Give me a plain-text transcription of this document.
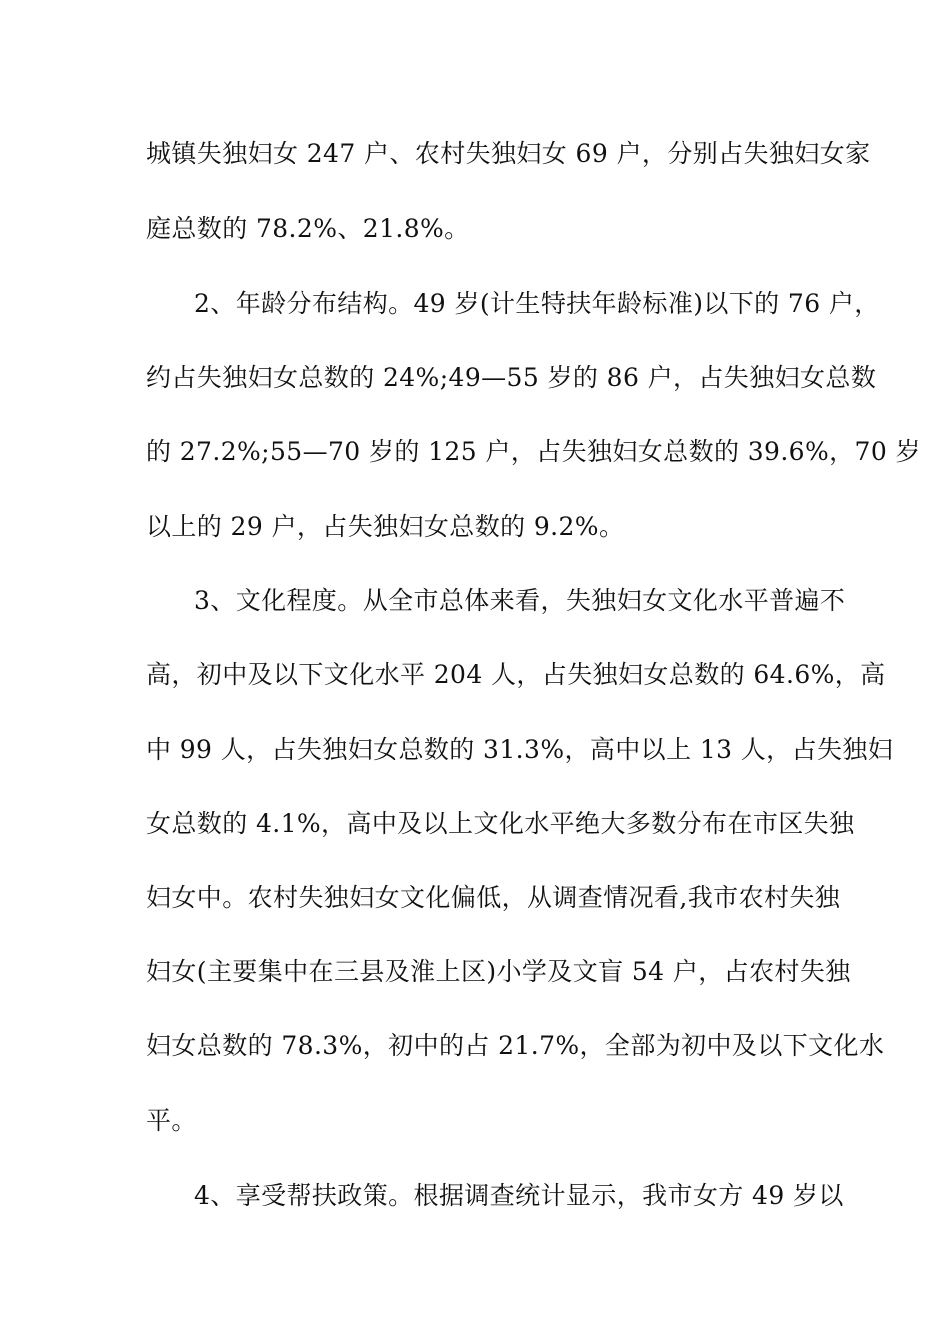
城镇失独妇女 247 户、农村失独妇女 69 户，分别占失独妇女家
庭总数的 78.2%、21.8%。
2、年龄分布结构。49 岁(计生特扶年龄标准)以下的 76 户，
约占失独妇女总数的 24%;49—55 岁的 86 户，占失独妇女总数
的 27.2%;55—70 岁的 125 户，占失独妇女总数的 39.6%，70 岁
以上的 29 户，占失独妇女总数的 9.2%。
3、文化程度。从全市总体来看，失独妇女文化水平普遍不
高，初中及以下文化水平 204 人，占失独妇女总数的 64.6%，高
中 99 人，占失独妇女总数的 31.3%，高中以上 13 人，占失独妇
女总数的 4.1%，高中及以上文化水平绝大多数分布在市区失独
妇女中。农村失独妇女文化偏低，从调查情况看,我市农村失独
妇女(主要集中在三县及淮上区)小学及文盲 54 户，占农村失独
妇女总数的 78.3%，初中的占 21.7%，全部为初中及以下文化水
平。
4、享受帮扶政策。根据调查统计显示，我市女方 49 岁以
